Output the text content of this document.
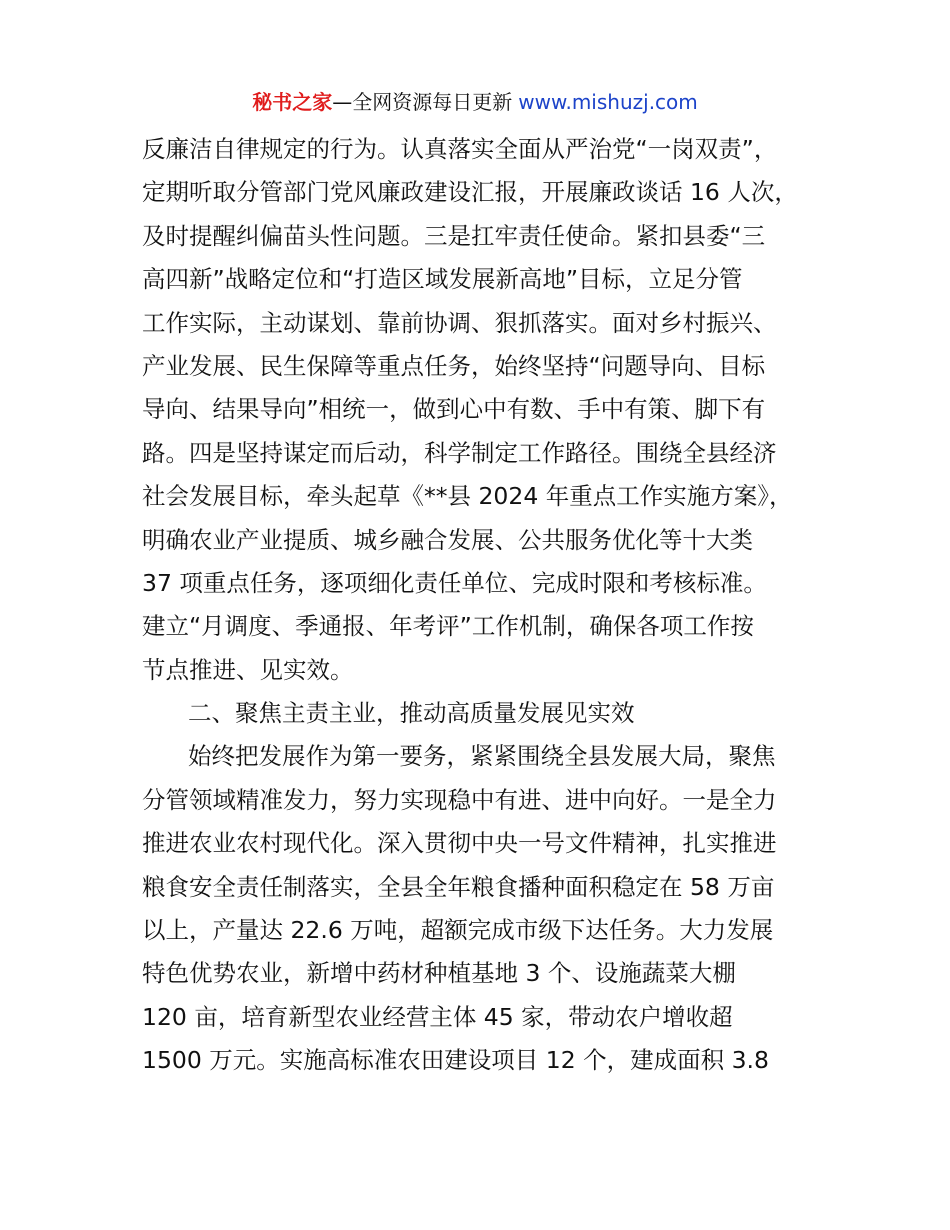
秘书之家—全网资源每日更新 www.mishuzj.com
反廉洁自律规定的行为。认真落实全面从严治党“一岗双责”，
定期听取分管部门党风廉政建设汇报，开展廉政谈话 16 人次，
及时提醒纠偏苗头性问题。三是扛牢责任使命。紧扣县委“三
高四新”战略定位和“打造区域发展新高地”目标，立足分管
工作实际，主动谋划、靠前协调、狠抓落实。面对乡村振兴、
产业发展、民生保障等重点任务，始终坚持“问题导向、目标
导向、结果导向”相统一，做到心中有数、手中有策、脚下有
路。四是坚持谋定而后动，科学制定工作路径。围绕全县经济
社会发展目标，牵头起草《**县 2024 年重点工作实施方案》，
明确农业产业提质、城乡融合发展、公共服务优化等十大类
37 项重点任务，逐项细化责任单位、完成时限和考核标准。
建立“月调度、季通报、年考评”工作机制，确保各项工作按
节点推进、见实效。
二、聚焦主责主业，推动高质量发展见实效
始终把发展作为第一要务，紧紧围绕全县发展大局，聚焦
分管领域精准发力，努力实现稳中有进、进中向好。一是全力
推进农业农村现代化。深入贯彻中央一号文件精神，扎实推进
粮食安全责任制落实，全县全年粮食播种面积稳定在 58 万亩
以上，产量达 22.6 万吨，超额完成市级下达任务。大力发展
特色优势农业，新增中药材种植基地 3 个、设施蔬菜大棚
120 亩，培育新型农业经营主体 45 家，带动农户增收超
1500 万元。实施高标准农田建设项目 12 个，建成面积 3.8
